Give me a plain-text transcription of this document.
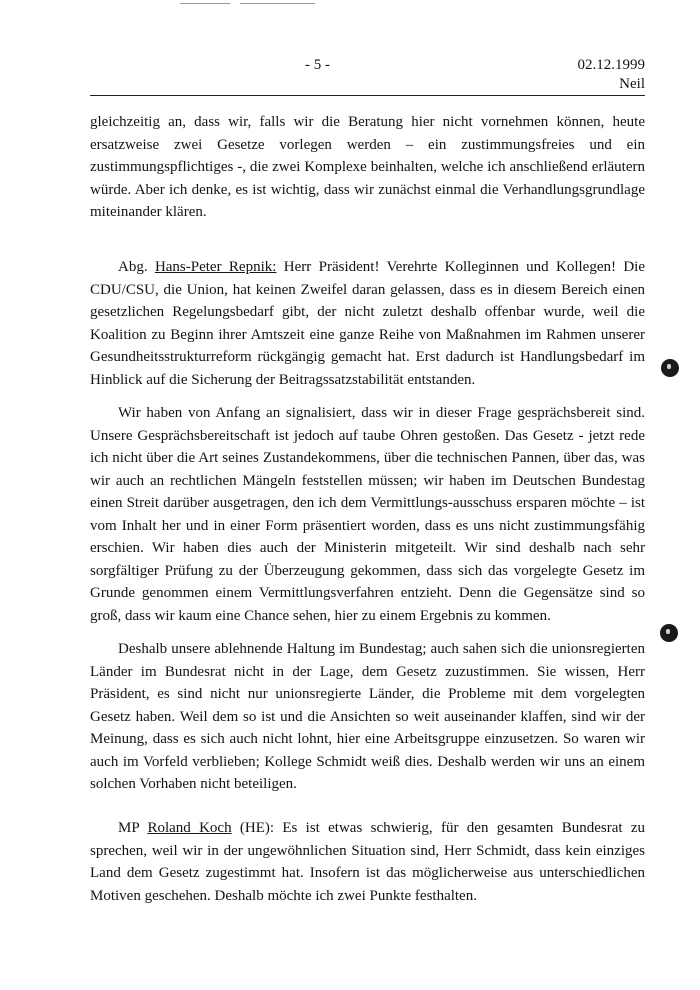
- 5 -	02.12.1999
Neil

gleichzeitig an, dass wir, falls wir die Beratung hier nicht vornehmen können, heute ersatzweise zwei Gesetze vorlegen werden – ein zustimmungsfreies und ein zustimmungspflichtiges -, die zwei Komplexe beinhalten, welche ich anschließend erläutern würde. Aber ich denke, es ist wichtig, dass wir zunächst einmal die Verhandlungsgrundlage miteinander klären.

Abg. Hans-Peter Repnik: Herr Präsident! Verehrte Kolleginnen und Kollegen! Die CDU/CSU, die Union, hat keinen Zweifel daran gelassen, dass es in diesem Bereich einen gesetzlichen Regelungsbedarf gibt, der nicht zuletzt deshalb offenbar wurde, weil die Koalition zu Beginn ihrer Amtszeit eine ganze Reihe von Maßnahmen im Rahmen unserer Gesundheitsstrukturreform rückgängig gemacht hat. Erst dadurch ist Handlungsbedarf im Hinblick auf die Sicherung der Beitragssatzstabilität entstanden.

Wir haben von Anfang an signalisiert, dass wir in dieser Frage gesprächsbereit sind. Unsere Gesprächsbereitschaft ist jedoch auf taube Ohren gestoßen. Das Gesetz - jetzt rede ich nicht über die Art seines Zustandekommens, über die technischen Pannen, über das, was wir auch an rechtlichen Mängeln feststellen müssen; wir haben im Deutschen Bundestag einen Streit darüber ausgetragen, den ich dem Vermittlungs-ausschuss ersparen möchte – ist vom Inhalt her und in einer Form präsentiert worden, dass es uns nicht zustimmungsfähig erschien. Wir haben dies auch der Ministerin mitgeteilt. Wir sind deshalb nach sehr sorgfältiger Prüfung zu der Überzeugung gekommen, dass sich das vorgelegte Gesetz im Grunde genommen einem Vermittlungsverfahren entzieht. Denn die Gegensätze sind so groß, dass wir kaum eine Chance sehen, hier zu einem Ergebnis zu kommen.

Deshalb unsere ablehnende Haltung im Bundestag; auch sahen sich die unionsregierten Länder im Bundesrat nicht in der Lage, dem Gesetz zuzustimmen. Sie wissen, Herr Präsident, es sind nicht nur unionsregierte Länder, die Probleme mit dem vorgelegten Gesetz haben. Weil dem so ist und die Ansichten so weit auseinander klaffen, sind wir der Meinung, dass es sich auch nicht lohnt, hier eine Arbeitsgruppe einzusetzen. So waren wir auch im Vorfeld verblieben; Kollege Schmidt weiß dies. Deshalb werden wir uns an einem solchen Vorhaben nicht beteiligen.

MP Roland Koch (HE): Es ist etwas schwierig, für den gesamten Bundesrat zu sprechen, weil wir in der ungewöhnlichen Situation sind, Herr Schmidt, dass kein einziges Land dem Gesetz zugestimmt hat. Insofern ist das möglicherweise aus unterschiedlichen Motiven geschehen. Deshalb möchte ich zwei Punkte festhalten.
